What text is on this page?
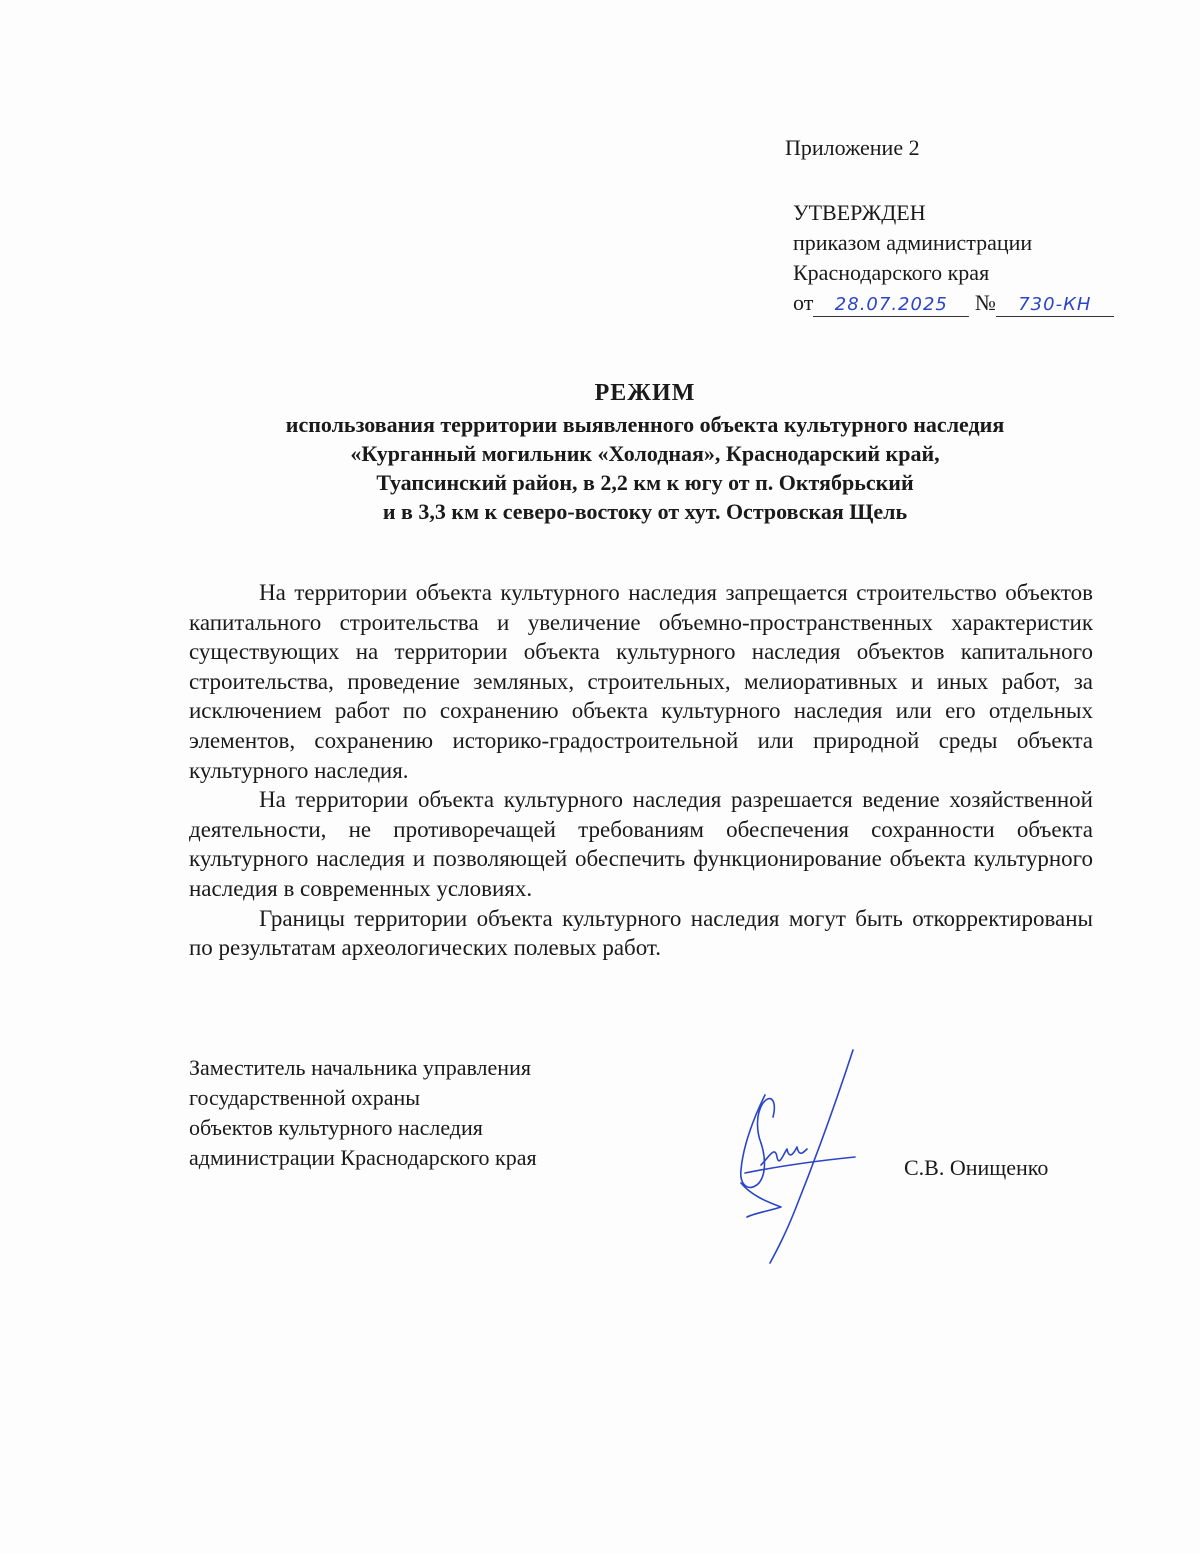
Приложение 2
УТВЕРЖДЕН
приказом администрации
Краснодарского края
от 28.07.2025 № 730-КН
РЕЖИМ
использования территории выявленного объекта культурного наследия
«Курганный могильник «Холодная», Краснодарский край,
Туапсинский район, в 2,2 км к югу от п. Октябрьский
и в 3,3 км к северо-востоку от хут. Островская Щель

На территории объекта культурного наследия запрещается строительство объектов капитального строительства и увеличение объемно-пространственных характеристик существующих на территории объекта культурного наследия объектов капитального строительства, проведение земляных, строительных, мелиоративных и иных работ, за исключением работ по сохранению объекта культурного наследия или его отдельных элементов, сохранению историко-градостроительной или природной среды объекта культурного наследия.

На территории объекта культурного наследия разрешается ведение хозяйственной деятельности, не противоречащей требованиям обеспечения сохранности объекта культурного наследия и позволяющей обеспечить функционирование объекта культурного наследия в современных условиях.

Границы территории объекта культурного наследия могут быть откорректированы по результатам археологических полевых работ.

Заместитель начальника управления
государственной охраны
объектов культурного наследия
администрации Краснодарского края	С.В. Онищенко
